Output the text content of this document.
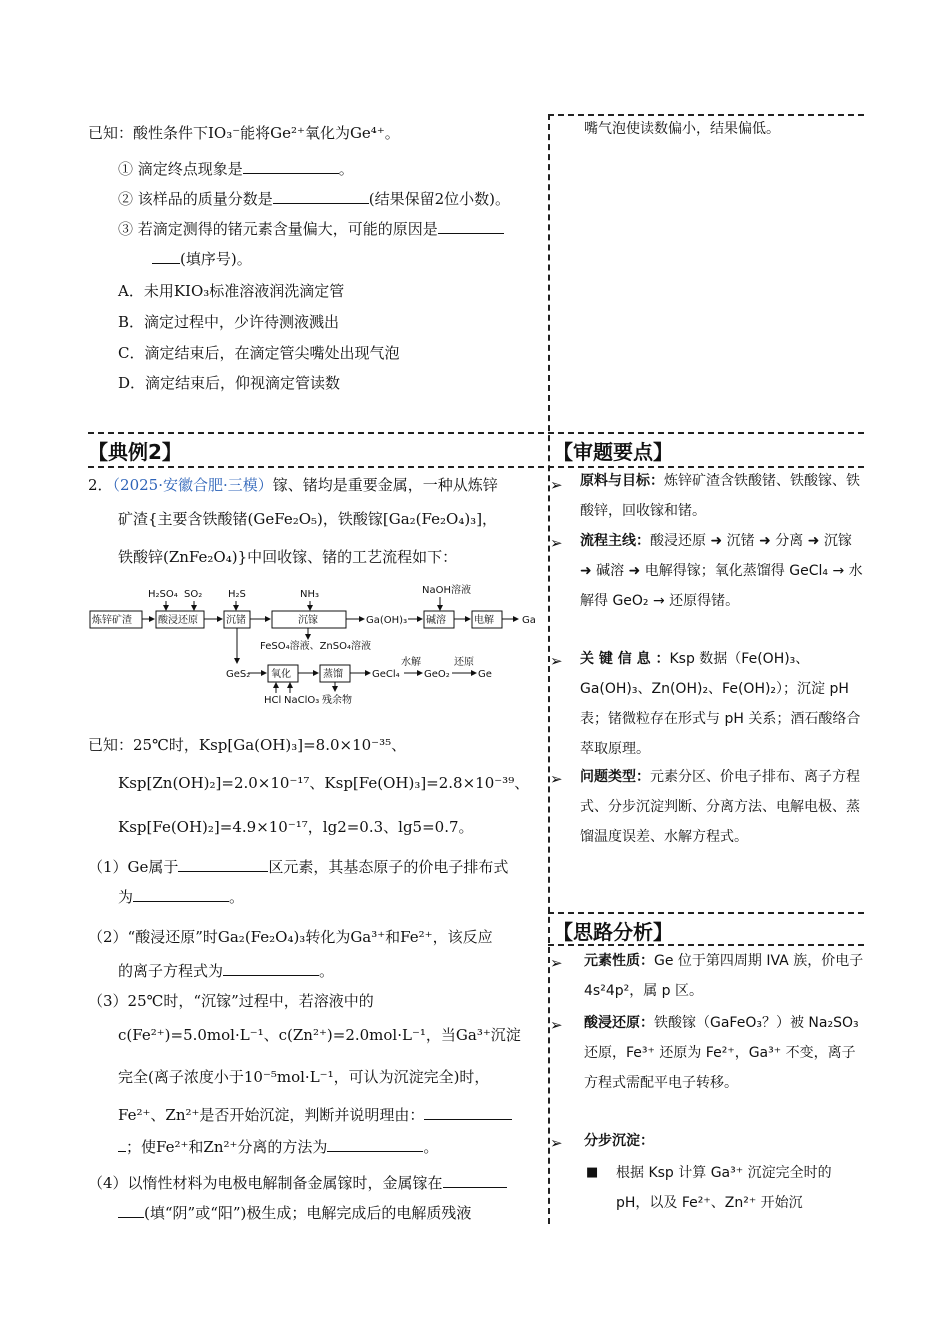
已知：酸性条件下IO₃⁻能将Ge²⁺氧化为Ge⁴⁺。
① 滴定终点现象是	。
② 该样品的质量分数是	(结果保留2位小数)。
③ 若滴定测得的锗元素含量偏大，可能的原因是
(填序号)。
A．未用KIO₃标准溶液润洗滴定管
B．滴定过程中，少许待测液溅出
C．滴定结束后，在滴定管尖嘴处出现气泡
D．滴定结束后，仰视滴定管读数
嘴气泡使读数偏小，结果偏低。
【典例2】	【审题要点】
【思路分析】
2．（2025·安徽合肥·三模）镓、锗均是重要金属，一种从炼锌
矿渣{主要含铁酸锗(GeFe₂O₅)，铁酸镓[Ga₂(Fe₂O₄)₃]，
铁酸锌(ZnFe₂O₄)}中回收镓、锗的工艺流程如下：
炼锌矿渣	酸浸还原	沉锗	沉镓	碱溶	电解
氧化	蒸馏
H₂SO₄ SO₂	H₂S	NH₃	NaOH溶液
HCl NaClO₃
Ga(OH)₃	Ga
FeSO₄溶液、ZnSO₄溶液
GeS₂	GeCl₄
水解
GeO₂
还原
Ge
残余物
已知：25℃时，Ksp[Ga(OH)₃]=8.0×10⁻³⁵、
Ksp[Zn(OH)₂]=2.0×10⁻¹⁷、Ksp[Fe(OH)₃]=2.8×10⁻³⁹、
Ksp[Fe(OH)₂]=4.9×10⁻¹⁷，lg2=0.3、lg5=0.7。
（1）Ge属于	区元素，其基态原子的价电子排布式
为	。
（2）“酸浸还原”时Ga₂(Fe₂O₄)₃转化为Ga³⁺和Fe²⁺，该反应
的离子方程式为	。
（3）25℃时，“沉镓”过程中，若溶液中的
c(Fe²⁺)=5.0mol·L⁻¹、c(Zn²⁺)=2.0mol·L⁻¹，当Ga³⁺沉淀
完全(离子浓度小于10⁻⁵mol·L⁻¹，可认为沉淀完全)时，
Fe²⁺、Zn²⁺是否开始沉淀，判断并说明理由：
；使Fe²⁺和Zn²⁺分离的方法为	。
（4）以惰性材料为电极电解制备金属镓时，金属镓在
(填“阴”或“阳”)极生成；电解完成后的电解质残液
➢ 原料与目标：炼锌矿渣含铁酸锗、铁酸镓、铁酸锌，回收镓和锗。
➢ 流程主线：酸浸还原 ➜ 沉锗 ➜ 分离 ➜ 沉镓 ➜ 碱溶 ➜ 电解得镓；氧化蒸馏得 GeCl₄ → 水解得 GeO₂ → 还原得锗。
➢ 关 键 信 息 ：Ksp 数据（Fe(OH)₃、Ga(OH)₃、Zn(OH)₂、Fe(OH)₂）；沉淀 pH 表；锗微粒存在形式与 pH 关系；酒石酸络合萃取原理。
➢ 问题类型：元素分区、价电子排布、离子方程式、分步沉淀判断、分离方法、电解电极、蒸馏温度误差、水解方程式。
➢ 元素性质：Ge 位于第四周期 IVA 族，价电子 4s²4p²，属 p 区。
➢ 酸浸还原：铁酸镓（GaFeO₃？）被 Na₂SO₃ 还原，Fe³⁺ 还原为 Fe²⁺，Ga³⁺ 不变，离子方程式需配平电子转移。
➢ 分步沉淀：
■ 根据 Ksp 计算 Ga³⁺ 沉淀完全时的 pH，以及 Fe²⁺、Zn²⁺ 开始沉
